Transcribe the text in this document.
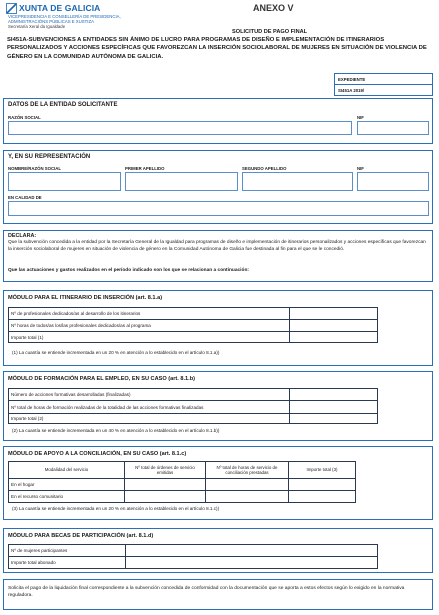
XUNTA DE GALICIA
VICEPRESIDENCIA E CONSELLERÍA DE PRESIDENCIA,
ADMINISTRACIÓNS PÚBLICAS E XUSTIZA
Secretaría Xeral da Igualdade
ANEXO V
SOLICITUD DE PAGO FINAL
SI451A-SUBVENCIONES A ENTIDADES SIN ÁNIMO DE LUCRO PARA PROGRAMAS DE DISEÑO E IMPLEMENTACIÓN DE ITINERARIOS PERSONALIZADOS Y ACCIONES ESPECÍFICAS QUE FAVOREZCAN LA INSERCIÓN SOCIOLABORAL DE MUJERES EN SITUACIÓN DE VIOLENCIA DE GÉNERO EN LA COMUNIDAD AUTÓNOMA DE GALICIA.
EXPEDIENTE
SI451A 2019/
DATOS DE LA ENTIDAD SOLICITANTE
RAZÓN SOCIAL	NIF
Y, EN SU REPRESENTACIÓN
NOMBRE/RAZÓN SOCIAL	PRIMER APELLIDO	SEGUNDO APELLIDO	NIF
EN CALIDAD DE
DECLARA:
Que la subvención concedida a la entidad por la Secretaría General de la Igualdad para programas de diseño e implementación de itinerarios personalizados y acciones específicas que favorezcan la inserción sociolaboral de mujeres en situación de violencia de género en la Comunidad Autónoma de Galicia fue destinada al fin para el que se le concedió.
Que las actuaciones y gastos realizados en el período indicado son los que se relacionan a continuación:
MÓDULO PARA EL ITINERARIO DE INSERCIÓN (art. 8.1.a)
Nº de profesionales dedicados/as al desarrollo de los itinerarios	
Nº horas de todos/as los/las profesionales dedicados/as al programa	
Importe total (1)	
(1) La cuantía se entiende incrementada en un 20 % en atención a lo establecido en el artículo 8.1.a))
MÓDULO DE FORMACIÓN PARA EL EMPLEO, EN SU CASO (art. 8.1.b)
Número de acciones formativas desarrolladas (finalizadas)	
Nº total de horas de formación realizadas de la totalidad de las acciones formativas finalizadas	
Importe total (2)	
(2) La cuantía se entiende incrementada en un 40 % en atención a lo establecido en el artículo 8.1.b))
MÓDULO DE APOYO A LA CONCILIACIÓN, EN SU CASO (art. 8.1.c)
Modalidad del servicio	Nº total de órdenes de servicio emitidas	Nº total de horas de servicio de conciliación prestadas	Importe total (3)
En el hogar			
En el recurso comunitario			
(3) La cuantía se entiende incrementada en un 20 % en atención a lo establecido en el artículo 8.1.c))
MÓDULO PARA BECAS DE PARTICIPACIÓN (art. 8.1.d)
Nº de mujeres participantes	
Importe total abonado	
Solicita el pago de la liquidación final correspondiente a la subvención concedida de conformidad con la documentación que se aporta a estos efectos según lo exigido en la normativa reguladora.
